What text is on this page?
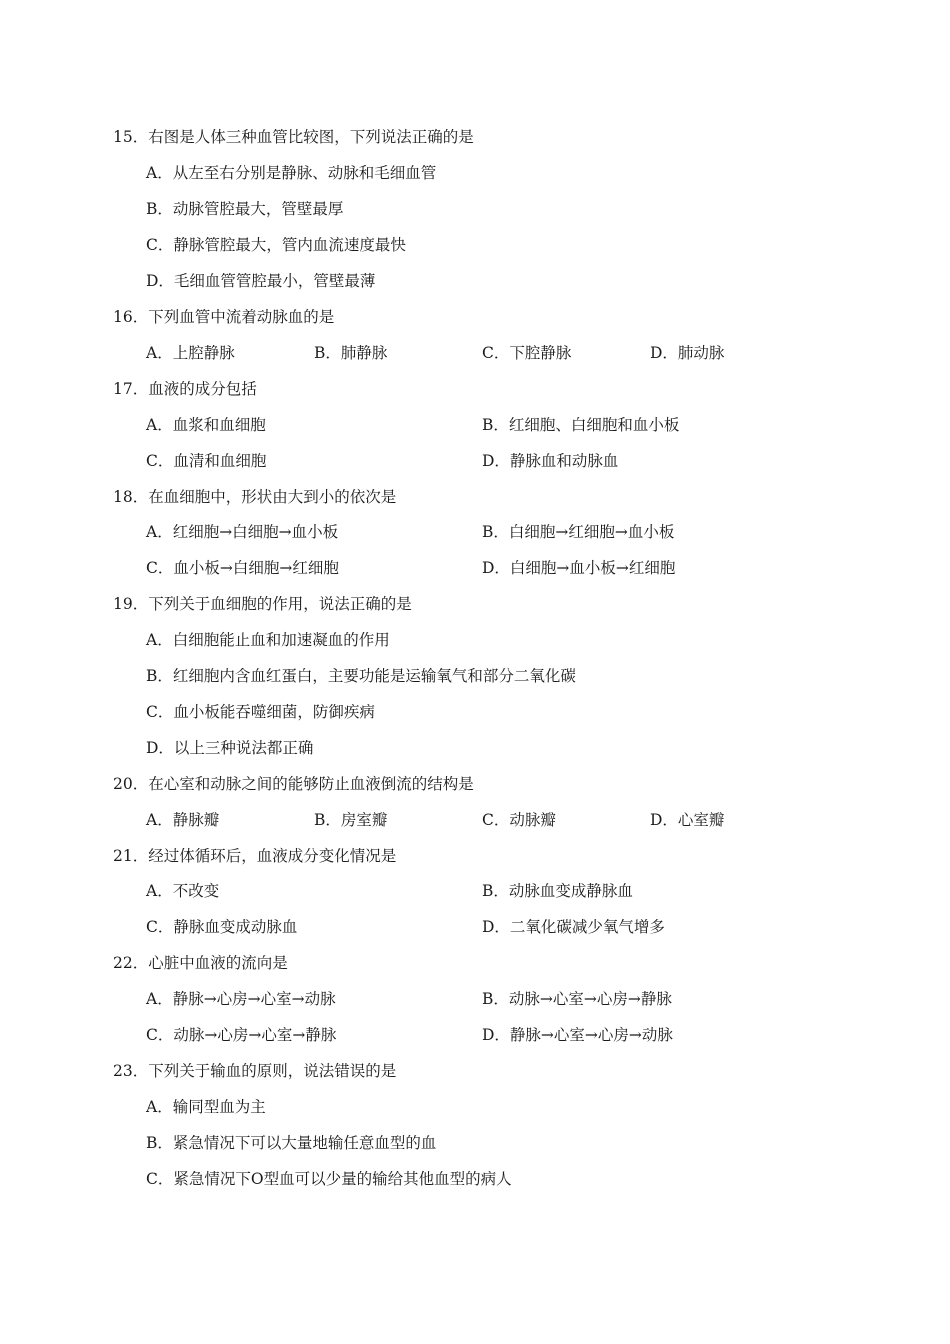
15．右图是人体三种血管比较图，下列说法正确的是
A．从左至右分别是静脉、动脉和毛细血管
B．动脉管腔最大，管壁最厚
C．静脉管腔最大，管内血流速度最快
D．毛细血管管腔最小，管壁最薄
16．下列血管中流着动脉血的是
A．上腔静脉	B．肺静脉	C．下腔静脉	D．肺动脉
17．血液的成分包括
A．血浆和血细胞	B．红细胞、白细胞和血小板
C．血清和血细胞	D．静脉血和动脉血
18．在血细胞中，形状由大到小的依次是
A．红细胞→白细胞→血小板	B．白细胞→红细胞→血小板
C．血小板→白细胞→红细胞	D．白细胞→血小板→红细胞
19．下列关于血细胞的作用，说法正确的是
A．白细胞能止血和加速凝血的作用
B．红细胞内含血红蛋白，主要功能是运输氧气和部分二氧化碳
C．血小板能吞噬细菌，防御疾病
D．以上三种说法都正确
20．在心室和动脉之间的能够防止血液倒流的结构是
A．静脉瓣	B．房室瓣	C．动脉瓣	D．心室瓣
21．经过体循环后，血液成分变化情况是
A．不改变	B．动脉血变成静脉血
C．静脉血变成动脉血	D．二氧化碳减少氧气增多
22．心脏中血液的流向是
A．静脉→心房→心室→动脉	B．动脉→心室→心房→静脉
C．动脉→心房→心室→静脉	D．静脉→心室→心房→动脉
23．下列关于输血的原则，说法错误的是
A．输同型血为主
B．紧急情况下可以大量地输任意血型的血
C．紧急情况下O型血可以少量的输给其他血型的病人
